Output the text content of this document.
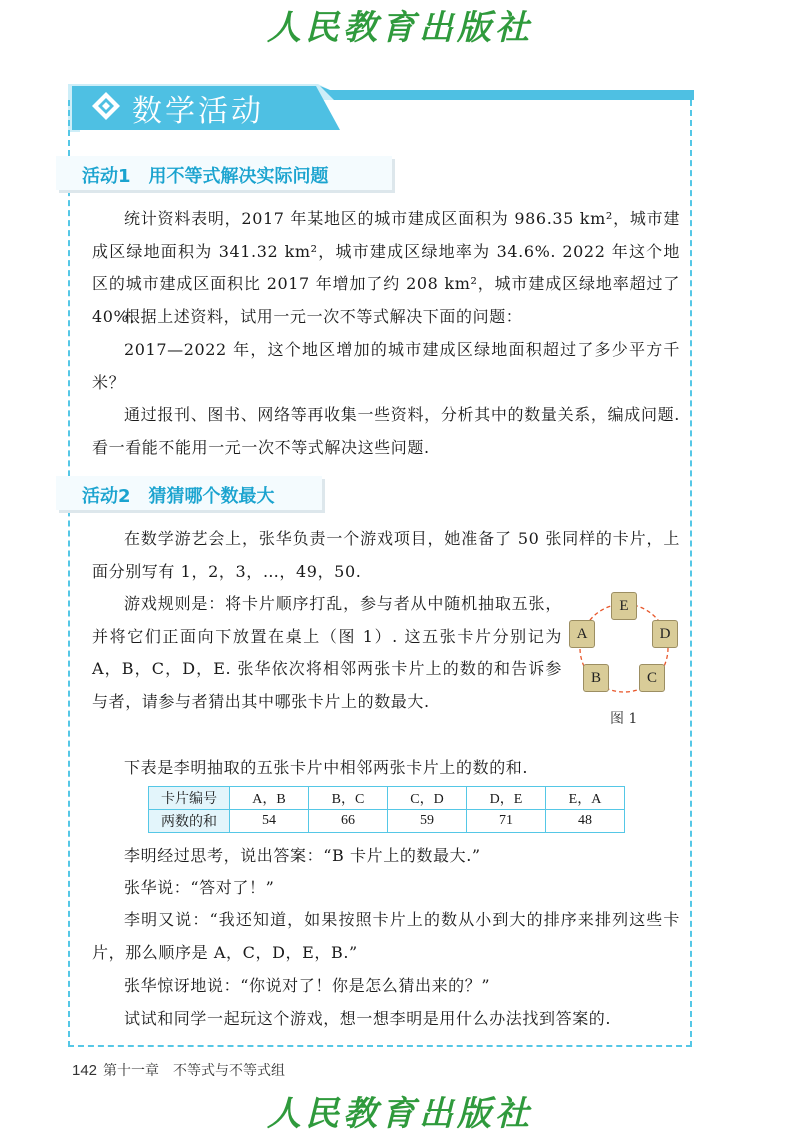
人民教育出版社
数学活动
活动1　用不等式解决实际问题
统计资料表明，2017 年某地区的城市建成区面积为 986.35 km²，城市建成区绿地面积为 341.32 km²，城市建成区绿地率为 34.6%. 2022 年这个地区的城市建成区面积比 2017 年增加了约 208 km²，城市建成区绿地率超过了 40%.
根据上述资料，试用一元一次不等式解决下面的问题：
2017—2022 年，这个地区增加的城市建成区绿地面积超过了多少平方千米？
通过报刊、图书、网络等再收集一些资料，分析其中的数量关系，编成问题. 看一看能不能用一元一次不等式解决这些问题.
活动2　猜猜哪个数最大
在数学游艺会上，张华负责一个游戏项目，她准备了 50 张同样的卡片，上面分别写有 1，2，3，…，49，50.
游戏规则是：将卡片顺序打乱，参与者从中随机抽取五张，并将它们正面向下放置在桌上（图 1）. 这五张卡片分别记为 A，B，C，D，E. 张华依次将相邻两张卡片上的数的和告诉参与者，请参与者猜出其中哪张卡片上的数最大.
下表是李明抽取的五张卡片中相邻两张卡片上的数的和.
E
D
C
B
A
图 1
卡片编号	A，B	B，C	C，D	D，E	E，A
两数的和	54	66	59	71	48
李明经过思考，说出答案：“B 卡片上的数最大.”
张华说：“答对了！”
李明又说：“我还知道，如果按照卡片上的数从小到大的排序来排列这些卡片，那么顺序是 A，C，D，E，B.”
张华惊讶地说：“你说对了！你是怎么猜出来的？”
试试和同学一起玩这个游戏，想一想李明是用什么办法找到答案的.
142 第十一章　不等式与不等式组
人民教育出版社
